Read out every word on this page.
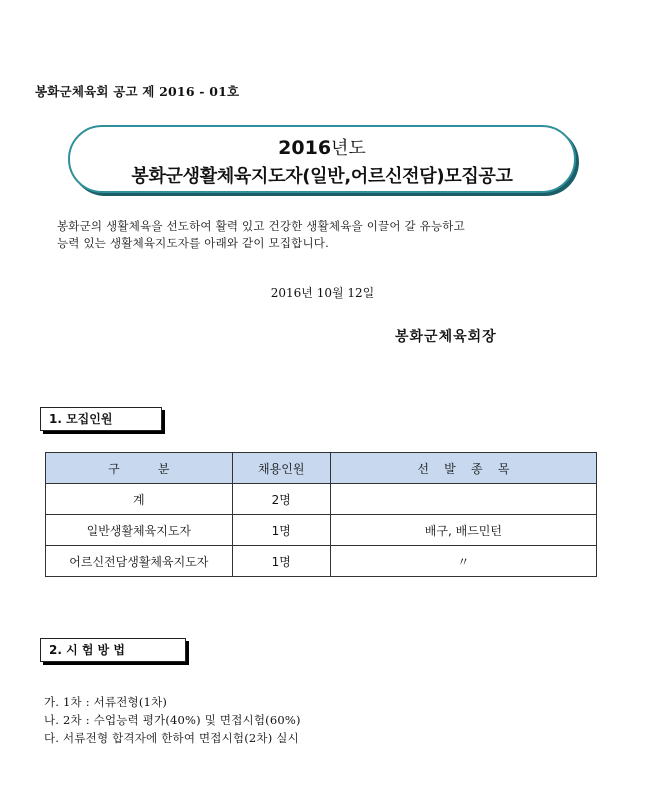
봉화군체육회 공고 제 2016 - 01호
2016년도
봉화군생활체육지도자(일반,어르신전담)모집공고

봉화군의 생활체육을 선도하여 활력 있고 건강한 생활체육을 이끌어 갈 유능하고

능력 있는 생활체육지도자를 아래와 같이 모집합니다.

2016년 10월 12일
봉화군체육회장
1. 모집인원
구          분	채용인원	선    발    종    목
계	2명	
일반생활체육지도자	1명	배구, 배드민턴
어르신전담생활체육지도자	1명	〃
2. 시 험 방 법
가. 1차 : 서류전형(1차)
나. 2차 : 수업능력 평가(40%) 및 면접시험(60%)
다. 서류전형 합격자에 한하여 면접시험(2차) 실시
